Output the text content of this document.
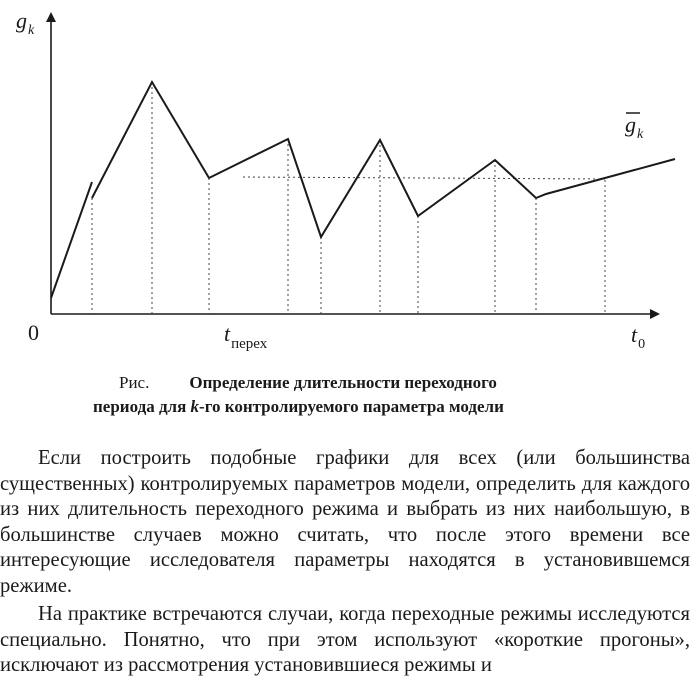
$g_k$
0	$t_{перех}$	$t_0$
$g_k$
Рис. Определение длительности переходного
периода для k-го контролируемого параметра модели

Если построить подобные графики для всех (или большинства существенных) контролируемых параметров модели, определить для каждого из них длительность переходного режима и выбрать из них наибольшую, в большинстве случаев можно считать, что после этого времени все интересующие исследователя параметры находятся в установившемся режиме.

На практике встречаются случаи, когда переходные режимы исследуются специально. Понятно, что при этом используют «короткие прогоны», исключают из рассмотрения установившиеся режимы и
